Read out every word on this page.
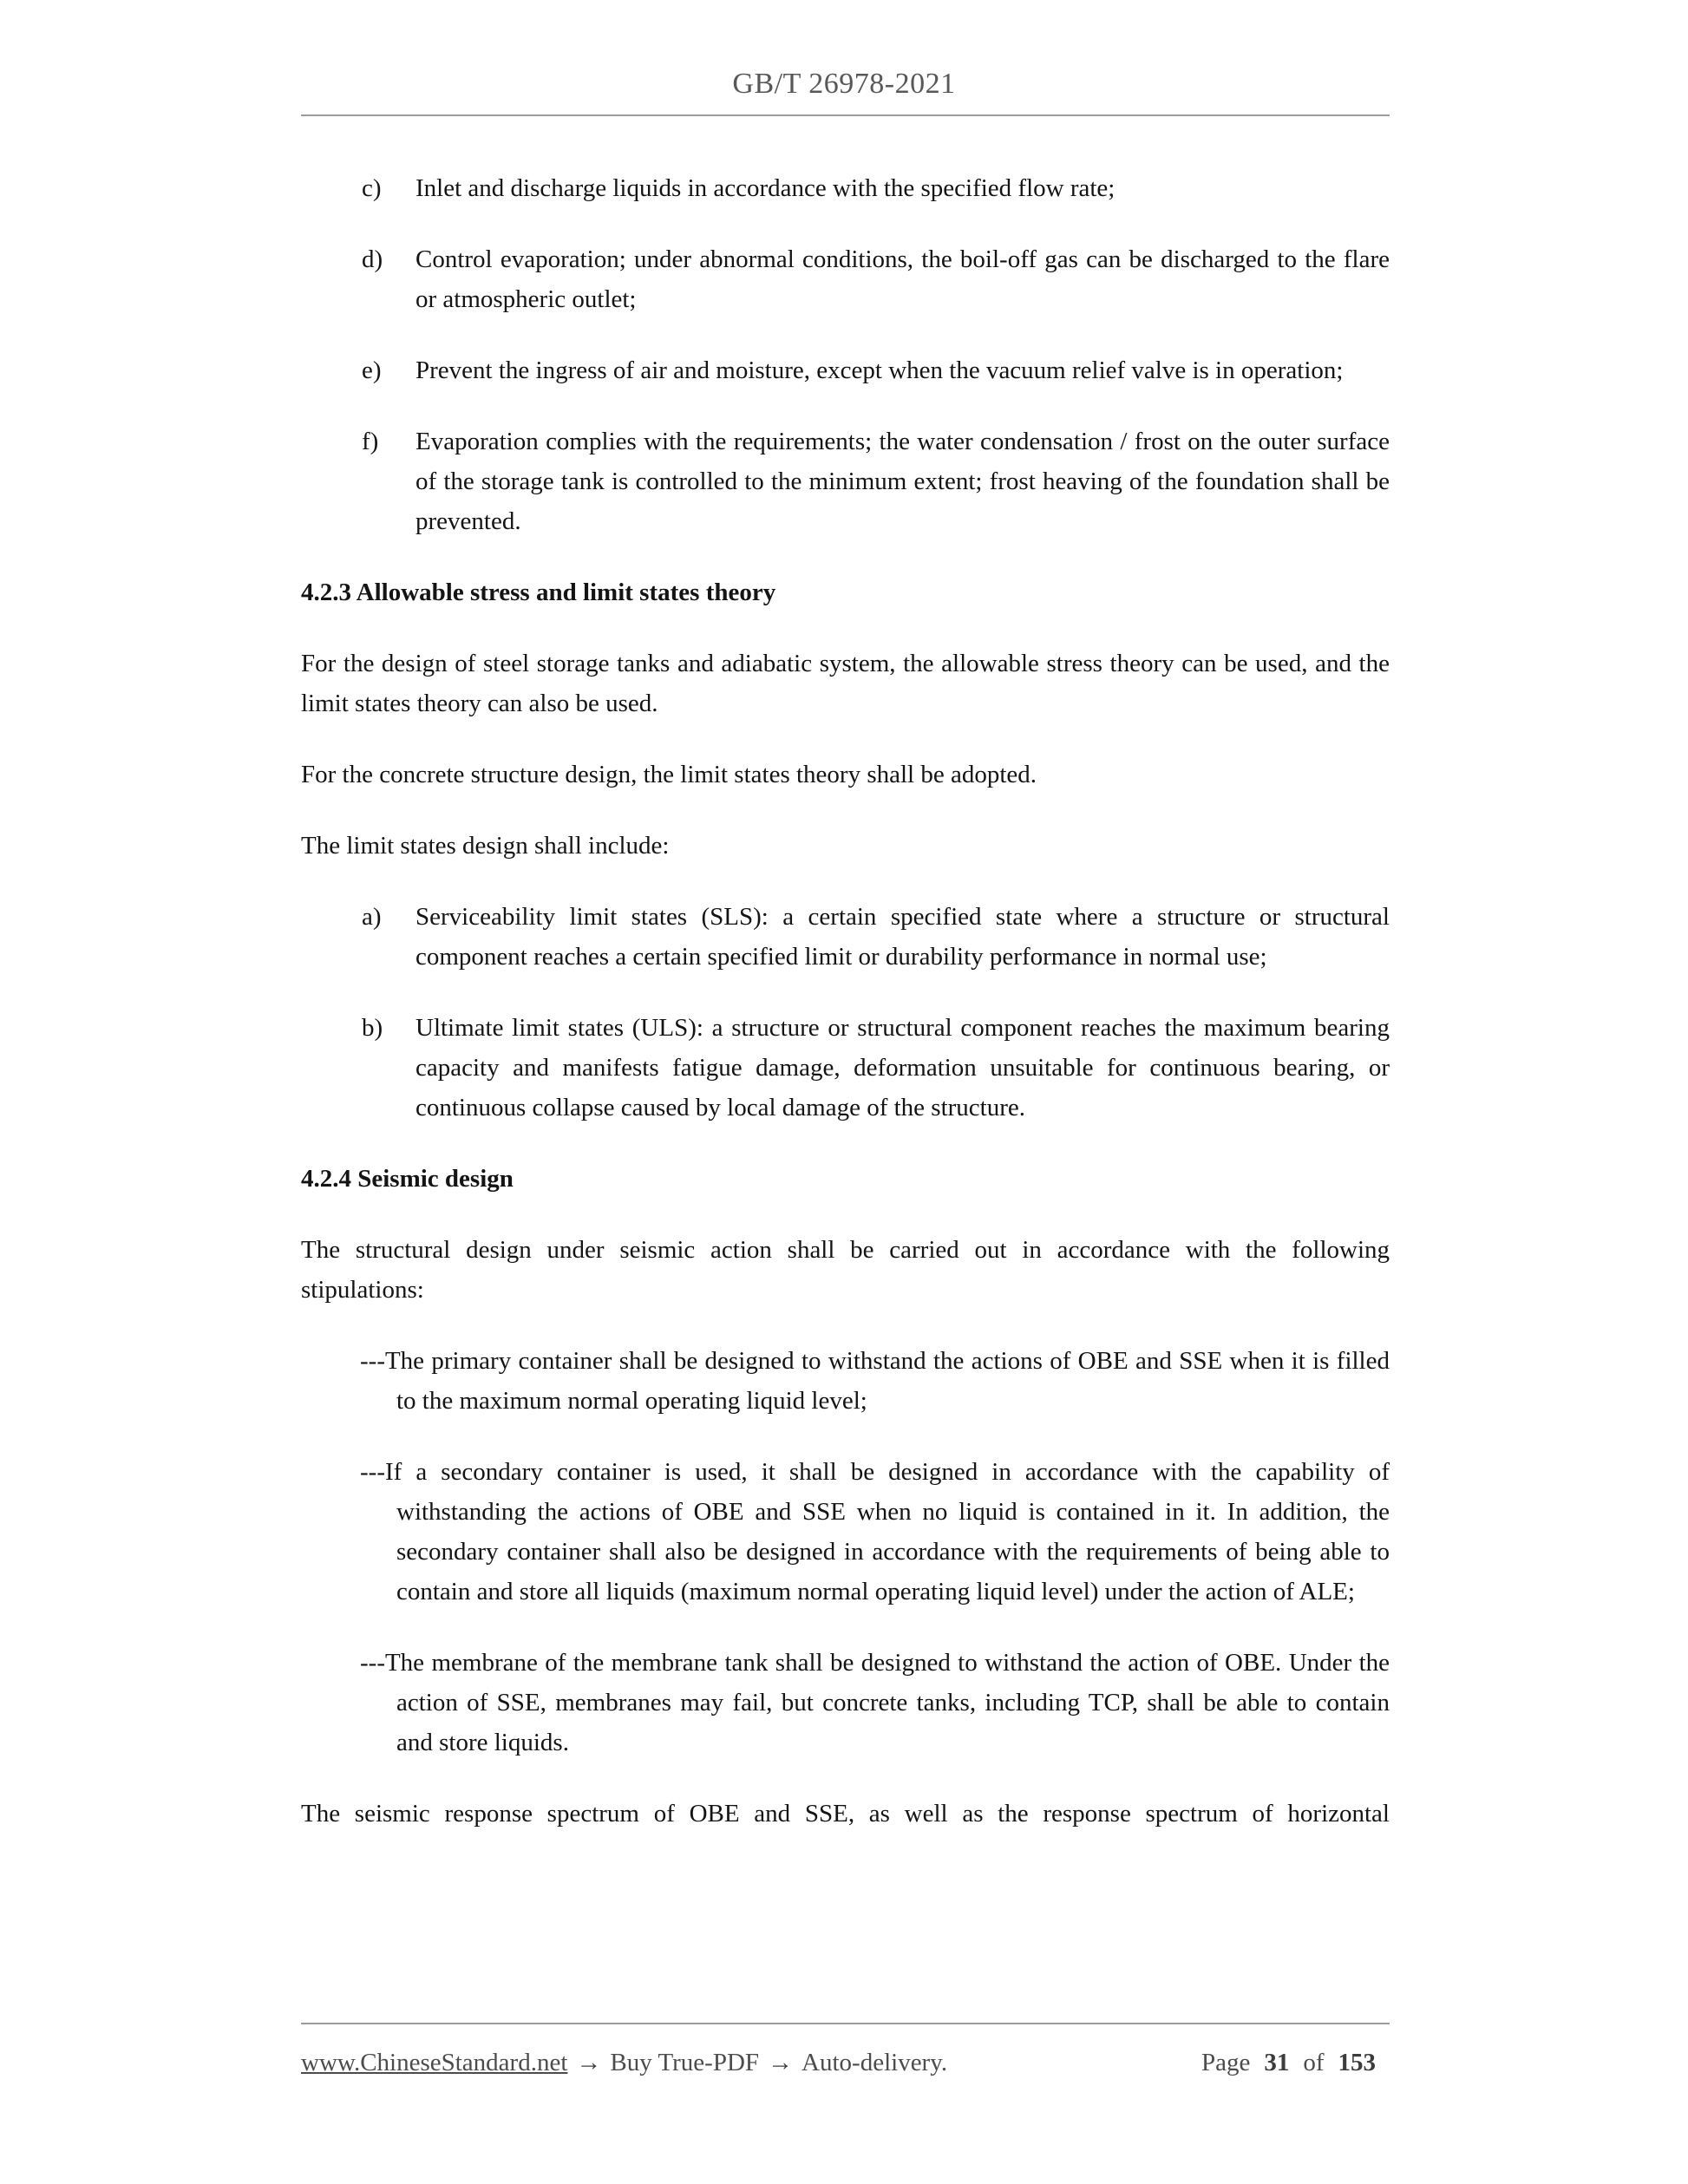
GB/T 26978-2021
c) Inlet and discharge liquids in accordance with the specified flow rate;
d) Control evaporation; under abnormal conditions, the boil-off gas can be discharged to the flare or atmospheric outlet;
e) Prevent the ingress of air and moisture, except when the vacuum relief valve is in operation;
f) Evaporation complies with the requirements; the water condensation / frost on the outer surface of the storage tank is controlled to the minimum extent; frost heaving of the foundation shall be prevented.
4.2.3 Allowable stress and limit states theory
For the design of steel storage tanks and adiabatic system, the allowable stress theory can be used, and the limit states theory can also be used.
For the concrete structure design, the limit states theory shall be adopted.
The limit states design shall include:
a) Serviceability limit states (SLS): a certain specified state where a structure or structural component reaches a certain specified limit or durability performance in normal use;
b) Ultimate limit states (ULS): a structure or structural component reaches the maximum bearing capacity and manifests fatigue damage, deformation unsuitable for continuous bearing, or continuous collapse caused by local damage of the structure.
4.2.4 Seismic design
The structural design under seismic action shall be carried out in accordance with the following stipulations:
---The primary container shall be designed to withstand the actions of OBE and SSE when it is filled to the maximum normal operating liquid level;
---If a secondary container is used, it shall be designed in accordance with the capability of withstanding the actions of OBE and SSE when no liquid is contained in it. In addition, the secondary container shall also be designed in accordance with the requirements of being able to contain and store all liquids (maximum normal operating liquid level) under the action of ALE;
---The membrane of the membrane tank shall be designed to withstand the action of OBE. Under the action of SSE, membranes may fail, but concrete tanks, including TCP, shall be able to contain and store liquids.
The seismic response spectrum of OBE and SSE, as well as the response spectrum of horizontal
www.ChineseStandard.net → Buy True-PDF → Auto-delivery.	Page 31 of 153
